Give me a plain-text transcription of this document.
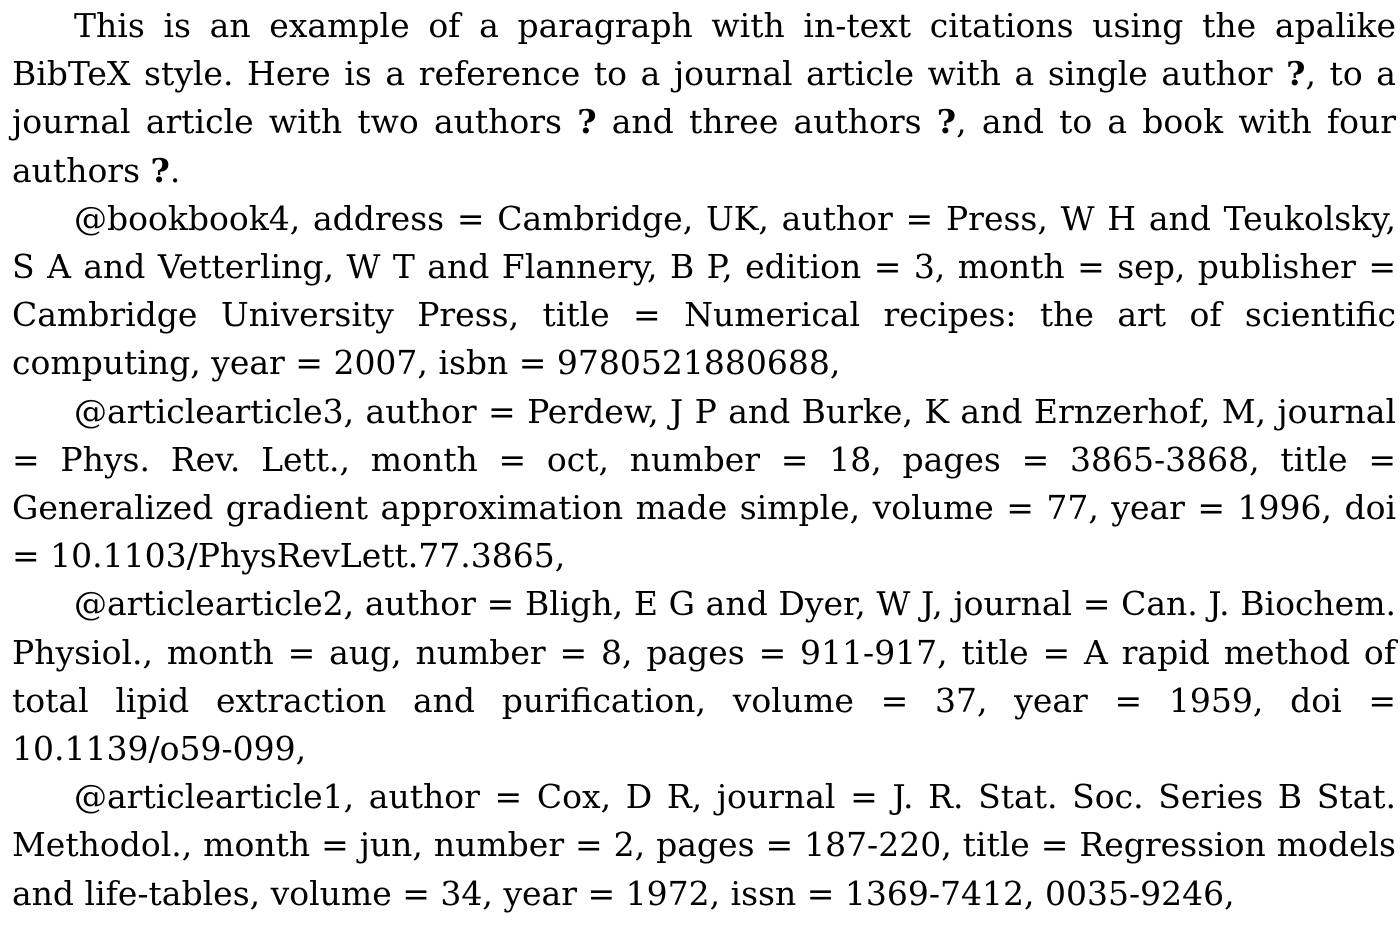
This is an example of a paragraph with in-text citations using the apalike BibTeX style. Here is a reference to a journal article with a single author ?, to a journal article with two authors ? and three authors ?, and to a book with four authors ?.

@bookbook4, address = Cambridge, UK, author = Press, W H and Teukolsky, S A and Vetterling, W T and Flannery, B P, edition = 3, month = sep, publisher = Cambridge University Press, title = Numerical recipes: the art of scientific computing, year = 2007, isbn = 9780521880688,

@articlearticle3, author = Perdew, J P and Burke, K and Ernzerhof, M, journal = Phys. Rev. Lett., month = oct, number = 18, pages = 3865-3868, title = Generalized gradient approximation made simple, volume = 77, year = 1996, doi = 10.1103/PhysRevLett.77.3865,

@articlearticle2, author = Bligh, E G and Dyer, W J, journal = Can. J. Biochem. Physiol., month = aug, number = 8, pages = 911-917, title = A rapid method of total lipid extraction and purification, volume = 37, year = 1959, doi = 10.1139/o59-099,

@articlearticle1, author = Cox, D R, journal = J. R. Stat. Soc. Series B Stat. Methodol., month = jun, number = 2, pages = 187-220, title = Regression models and life-tables, volume = 34, year = 1972, issn = 1369-7412, 0035-9246,
